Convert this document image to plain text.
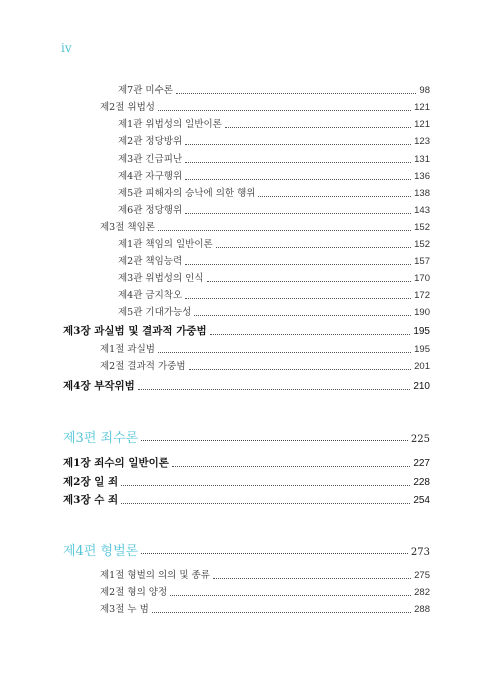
iv
제7관 미수론	98
제2절 위법성	121
제1관 위법성의 일반이론	121
제2관 정당방위	123
제3관 긴급피난	131
제4관 자구행위	136
제5관 피해자의 승낙에 의한 행위	138
제6관 정당행위	143
제3절 책임론	152
제1관 책임의 일반이론	152
제2관 책임능력	157
제3관 위법성의 인식	170
제4관 금지착오	172
제5관 기대가능성	190
제3장 과실범 및 결과적 가중범	195
제1절 과실범	195
제2절 결과적 가중범	201
제4장 부작위범	210
제3편 죄수론	225
제1장 죄수의 일반이론	227
제2장 일 죄	228
제3장 수 죄	254
제4편 형벌론	273
제1절 형벌의 의의 및 종류	275
제2절 형의 양정	282
제3절 누 범	288
